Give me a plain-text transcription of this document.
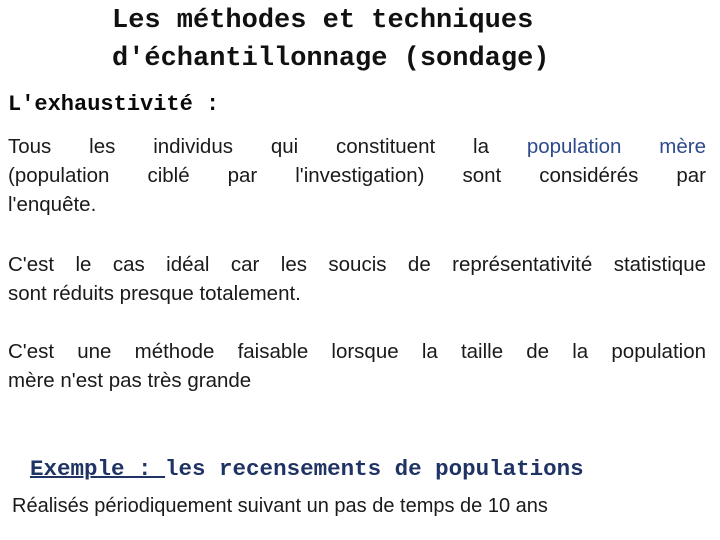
Les méthodes et techniques
d'échantillonnage (sondage)
L'exhaustivité :
Tous les individus qui constituent la population mère
(population ciblé par l'investigation) sont considérés par
l'enquête.
C'est le cas idéal car les soucis de représentativité statistique
sont réduits presque totalement.
C'est une méthode faisable lorsque la taille de la population
mère n'est pas très grande
Exemple : les recensements de populations
Réalisés périodiquement suivant un pas de temps de 10 ans
